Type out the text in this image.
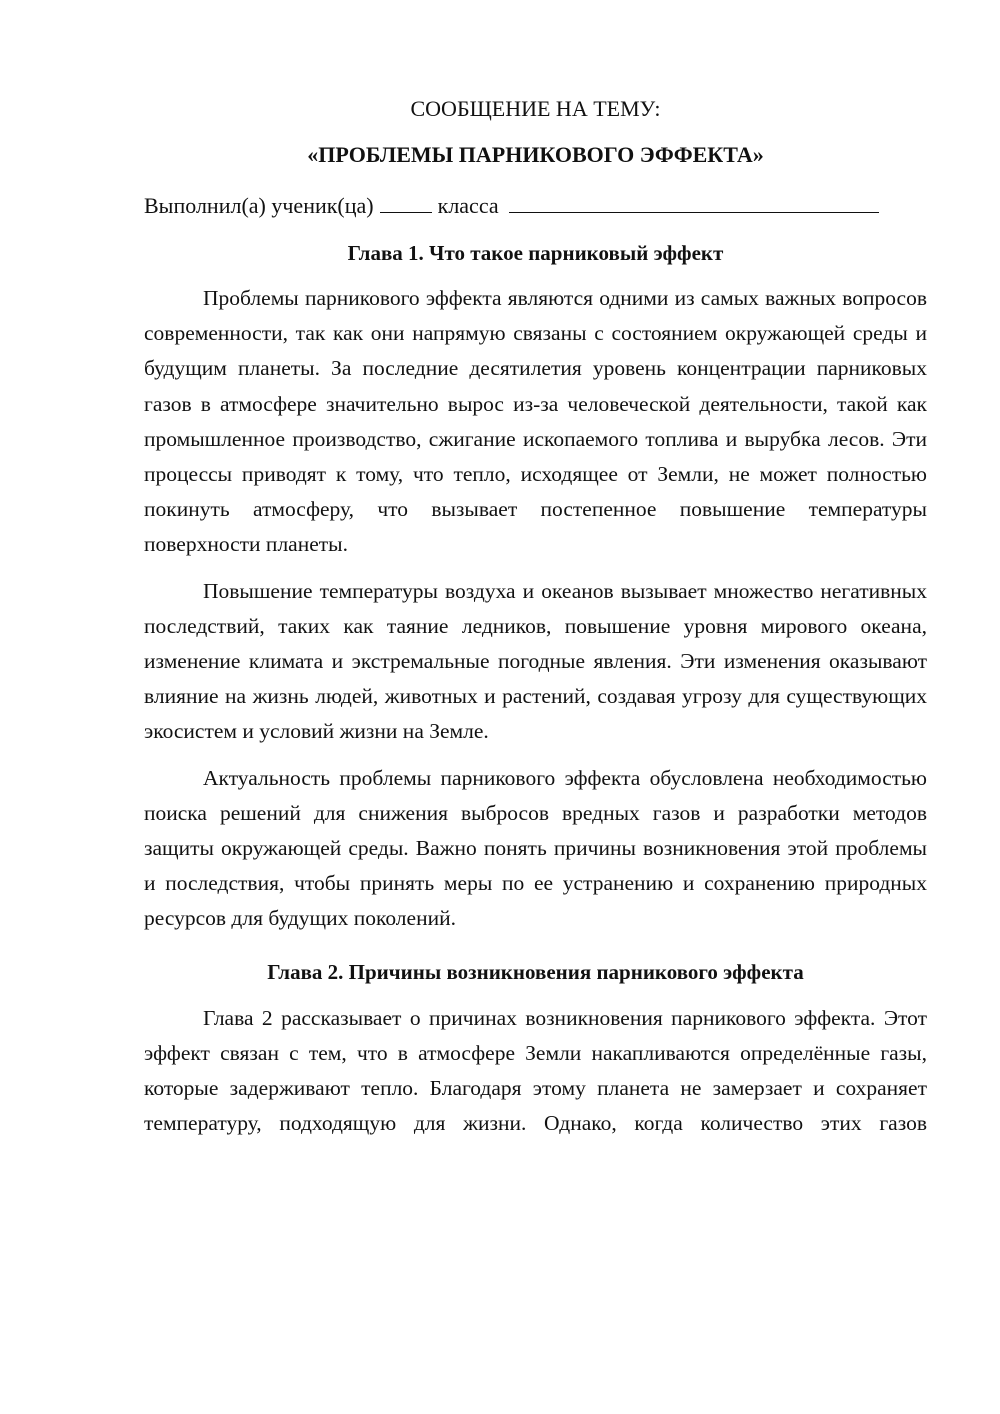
СООБЩЕНИЕ НА ТЕМУ:

«ПРОБЛЕМЫ ПАРНИКОВОГО ЭФФЕКТА»

Выполнил(а) ученик(ца)	класса

Глава 1. Что такое парниковый эффект

Проблемы парникового эффекта являются одними из самых важных вопросов современности, так как они напрямую связаны с состоянием окружающей среды и будущим планеты. За последние десятилетия уровень концентрации парниковых газов в атмосфере значительно вырос из-за человеческой деятельности, такой как промышленное производство, сжигание ископаемого топлива и вырубка лесов. Эти процессы приводят к тому, что тепло, исходящее от Земли, не может полностью покинуть атмосферу, что вызывает постепенное повышение температуры поверхности планеты.

Повышение температуры воздуха и океанов вызывает множество негативных последствий, таких как таяние ледников, повышение уровня мирового океана, изменение климата и экстремальные погодные явления. Эти изменения оказывают влияние на жизнь людей, животных и растений, создавая угрозу для существующих экосистем и условий жизни на Земле.

Актуальность проблемы парникового эффекта обусловлена необходимостью поиска решений для снижения выбросов вредных газов и разработки методов защиты окружающей среды. Важно понять причины возникновения этой проблемы и последствия, чтобы принять меры по ее устранению и сохранению природных ресурсов для будущих поколений.

Глава 2. Причины возникновения парникового эффекта

Глава 2 рассказывает о причинах возникновения парникового эффекта. Этот эффект связан с тем, что в атмосфере Земли накапливаются определённые газы, которые задерживают тепло. Благодаря этому планета не замерзает и сохраняет температуру, подходящую для жизни. Однако, когда количество этих газов
